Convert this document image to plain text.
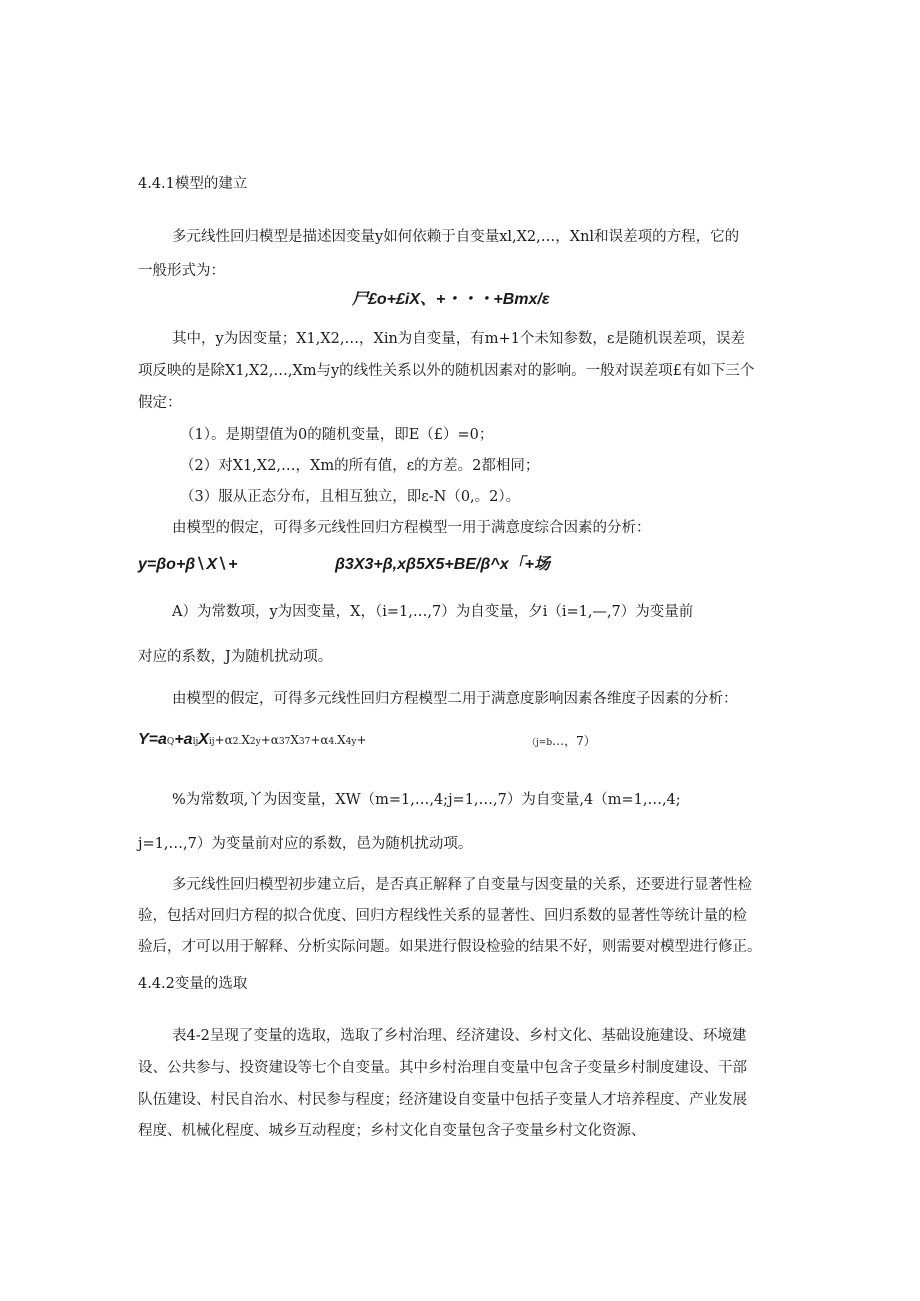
4.4.1模型的建立
多元线性回归模型是描述因变量y如何依赖于自变量xl,X2,…，Xnl和误差项的方程，它的
一般形式为：
尸£o+£iX、+・・・+Bmx/ε
其中，y为因变量；X1,X2,…，Xin为自变量，有m+1个未知参数，ε是随机误差项，误差
项反映的是除X1,X2,…,Xm与y的线性关系以外的随机因素对的影响。一般对误差项£有如下三个
假定：
（1）。是期望值为0的随机变量，即E（£）=0；
（2）对X1,X2,…，Xm的所有值，ε的方差。2都相同；
（3）服从正态分布，且相互独立，即ε-N（0,。2）。
由模型的假定，可得多元线性回归方程模型一用于满意度综合因素的分析：
y=βo+β∖X∖+	β3X3+β,xβ5X5+BE/β^x「+场
A）为常数项，y为因变量，X，（i=1,…,7）为自变量，夕i（i=1,—,7）为变量前
对应的系数，J为随机扰动项。
由模型的假定，可得多元线性回归方程模型二用于满意度影响因素各维度子因素的分析：
Y=aQ+aljXij+α2.X2y+α37X37+α4.X4y+	（j=b…，7）
%为常数项,丫为因变量，XW（m=1,…,4;j=1,…,7）为自变量,4（m=1,…,4;
j=1,…,7）为变量前对应的系数，邑为随机扰动项。
多元线性回归模型初步建立后，是否真正解释了自变量与因变量的关系，还要进行显著性检
验，包括对回归方程的拟合优度、回归方程线性关系的显著性、回归系数的显著性等统计量的检
验后，才可以用于解释、分析实际问题。如果进行假设检验的结果不好，则需要对模型进行修正。
4.4.2变量的选取
表4-2呈现了变量的选取，选取了乡村治理、经济建设、乡村文化、基础设施建设、环境建
设、公共参与、投资建设等七个自变量。其中乡村治理自变量中包含子变量乡村制度建设、干部
队伍建设、村民自治水、村民参与程度；经济建设自变量中包括子变量人才培养程度、产业发展
程度、机械化程度、城乡互动程度；乡村文化自变量包含子变量乡村文化资源、
